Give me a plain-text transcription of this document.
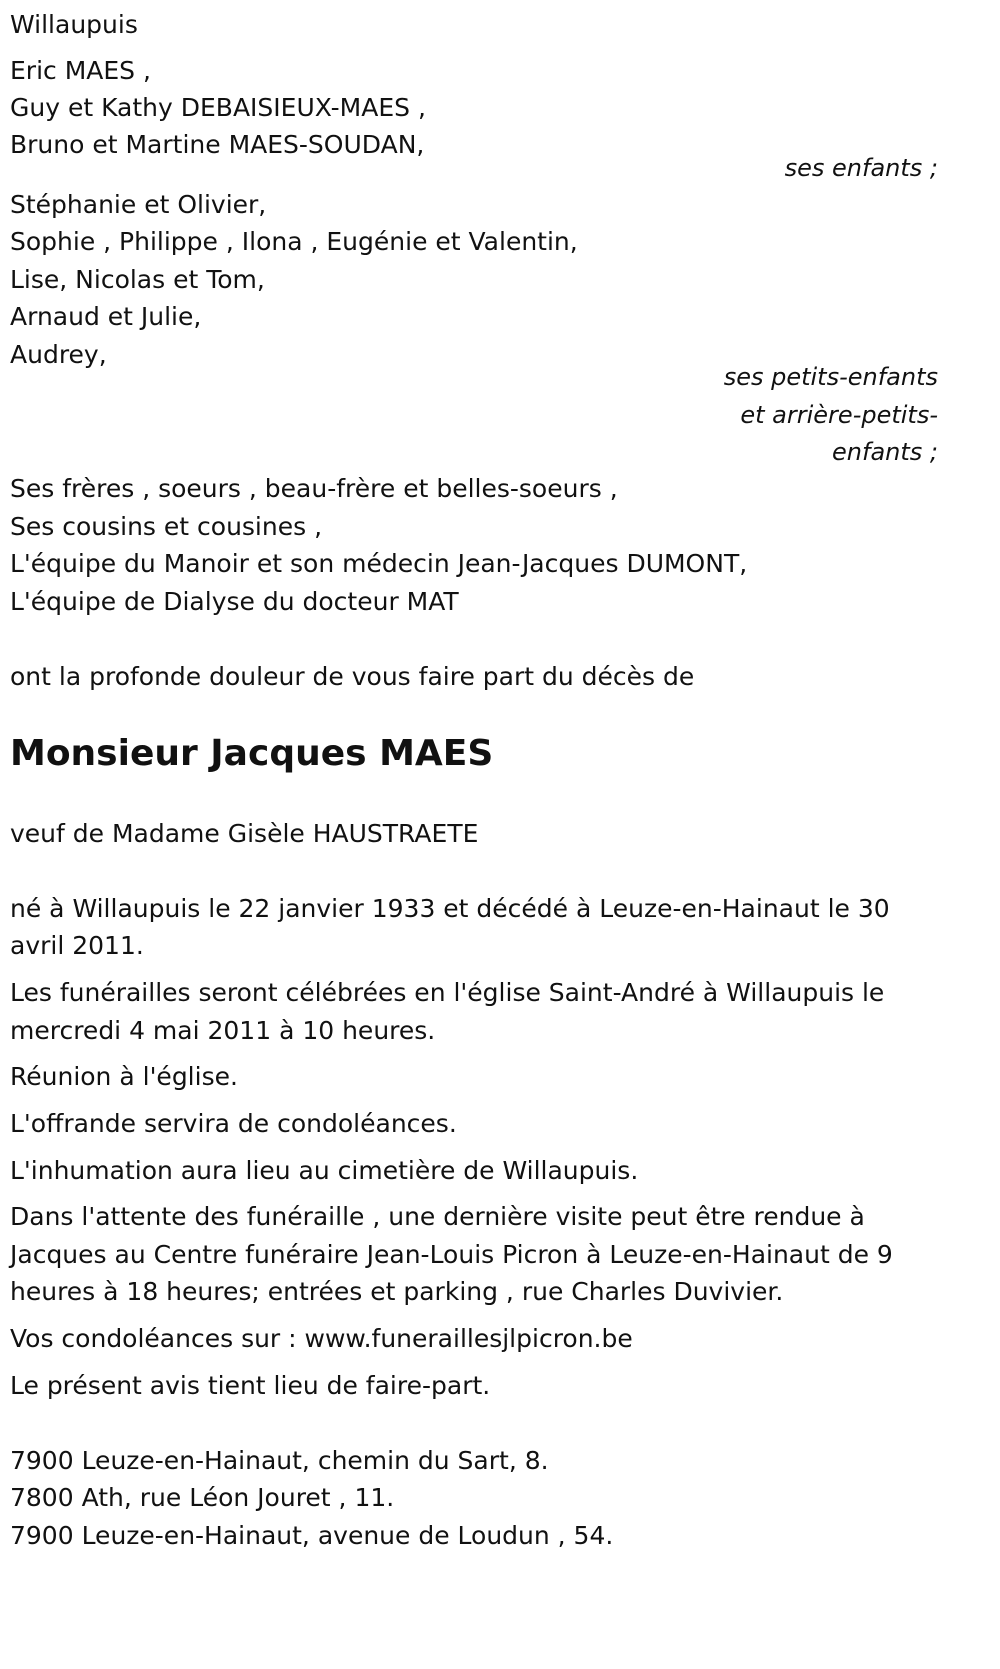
Willaupuis
Eric MAES ,
Guy et Kathy DEBAISIEUX-MAES ,
Bruno et Martine MAES-SOUDAN,
ses enfants ;
Stéphanie et Olivier,
Sophie , Philippe , Ilona , Eugénie et Valentin,
Lise, Nicolas et Tom,
Arnaud et Julie,
Audrey,
ses petits-enfants
et arrière-petits-
enfants ;
Ses frères , soeurs , beau-frère et belles-soeurs ,
Ses cousins et cousines ,
L'équipe du Manoir et son médecin Jean-Jacques DUMONT,
L'équipe de Dialyse du docteur MAT
ont la profonde douleur de vous faire part du décès de
Monsieur Jacques MAES
veuf de Madame Gisèle HAUSTRAETE
né à Willaupuis le 22 janvier 1933 et décédé à Leuze-en-Hainaut le 30
avril 2011.
Les funérailles seront célébrées en l'église Saint-André à Willaupuis le
mercredi 4 mai 2011 à 10 heures.
Réunion à l'église.
L'offrande servira de condoléances.
L'inhumation aura lieu au cimetière de Willaupuis.
Dans l'attente des funéraille , une dernière visite peut être rendue à
Jacques au Centre funéraire Jean-Louis Picron à Leuze-en-Hainaut de 9
heures à 18 heures; entrées et parking , rue Charles Duvivier.
Vos condoléances sur : www.funeraillesjlpicron.be
Le présent avis tient lieu de faire-part.
7900 Leuze-en-Hainaut, chemin du Sart, 8.
7800 Ath, rue Léon Jouret , 11.
7900 Leuze-en-Hainaut, avenue de Loudun , 54.
